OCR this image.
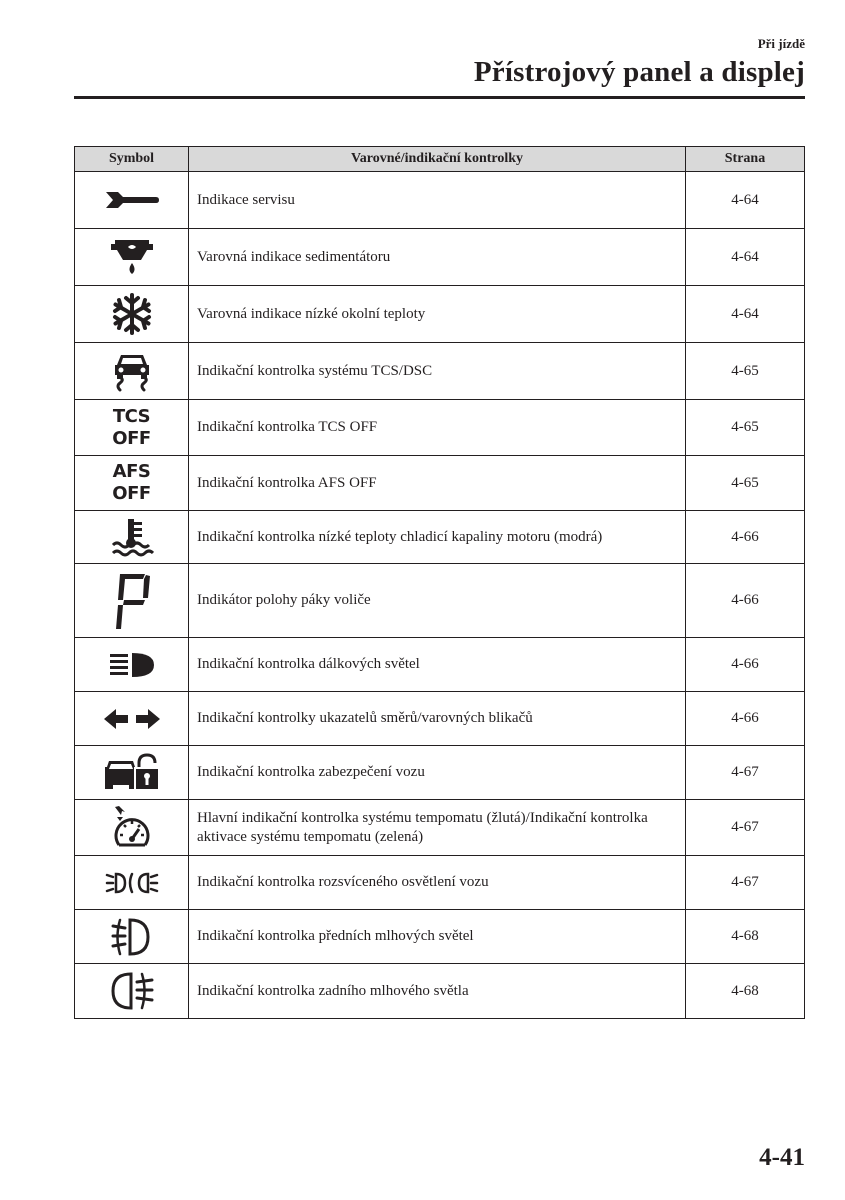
Při jízdě
Přístrojový panel a displej
Symbol	Varovné/indikační kontrolky	Strana

	Indikace servisu	4-64

	Varovná indikace sedimentátoru	4-64

	Varovná indikace nízké okolní teploty	4-64

	Indikační kontrolka systému TCS/DSC	4-65

TCS
OFF	Indikační kontrolka TCS OFF	4-65

AFS
OFF	Indikační kontrolka AFS OFF	4-65

	Indikační kontrolka nízké teploty chladicí kapaliny motoru (modrá)	4-66

	Indikátor polohy páky voliče	4-66

	Indikační kontrolka dálkových světel	4-66

	Indikační kontrolky ukazatelů směrů/varovných blikačů	4-66

	Indikační kontrolka zabezpečení vozu	4-67

	Hlavní indikační kontrolka systému tempomatu (žlutá)/Indikační kontrolka aktivace systému tempomatu (zelená)	4-67

	Indikační kontrolka rozsvíceného osvětlení vozu	4-67

	Indikační kontrolka předních mlhových světel	4-68

	Indikační kontrolka zadního mlhového světla	4-68
4-41
